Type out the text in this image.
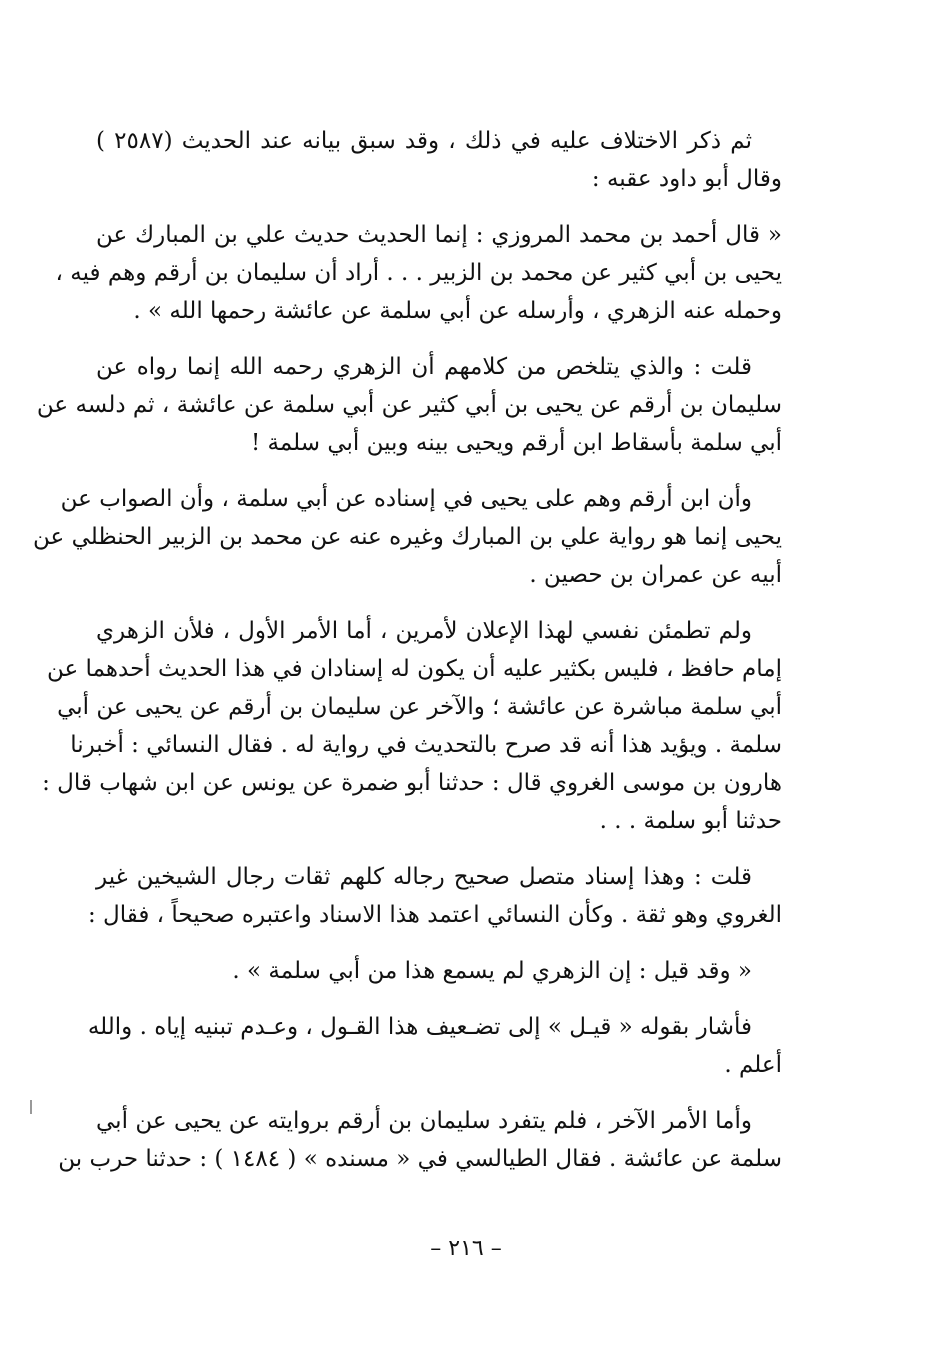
ثم ذكر الاختلاف عليه في ذلك ، وقد سبق بيانه عند الحديث (٢٥٨٧ )
وقال أبو داود عقبه :

« قال أحمد بن محمد المروزي : إنما الحديث حديث علي بن المبارك عن
يحيى بن أبي كثير عن محمد بن الزبير . . . أراد أن سليمان بن أرقم وهم فيه ،
وحمله عنه الزهري ، وأرسله عن أبي سلمة عن عائشة رحمها الله » .

قلت : والذي يتلخص من كلامهم أن الزهري رحمه الله إنما رواه عن
سليمان بن أرقم عن يحيى بن أبي كثير عن أبي سلمة عن عائشة ، ثم دلسه عن
أبي سلمة بأسقاط ابن أرقم ويحيى بينه وبين أبي سلمة !

وأن ابن أرقم وهم على يحيى في إسناده عن أبي سلمة ، وأن الصواب عن
يحيى إنما هو رواية علي بن المبارك وغيره عنه عن محمد بن الزبير الحنظلي عن
أبيه عن عمران بن حصين .

ولم تطمئن نفسي لهذا الإعلان لأمرين ، أما الأمر الأول ، فلأن الزهري
إمام حافظ ، فليس بكثير عليه أن يكون له إسنادان في هذا الحديث أحدهما عن
أبي سلمة مباشرة عن عائشة ؛ والآخر عن سليمان بن أرقم عن يحيى عن أبي
سلمة . ويؤيد هذا أنه قد صرح بالتحديث في رواية له . فقال النسائي : أخبرنا
هارون بن موسى الغروي قال : حدثنا أبو ضمرة عن يونس عن ابن شهاب قال :
حدثنا أبو سلمة . . .

قلت : وهذا إسناد متصل صحيح رجاله كلهم ثقات رجال الشيخين غير
الغروي وهو ثقة . وكأن النسائي اعتمد هذا الاسناد واعتبره صحيحاً ، فقال :

« وقد قيل : إن الزهري لم يسمع هذا من أبي سلمة » .

فأشار بقوله « قيـل » إلى تضـعيف هذا القـول ، وعـدم تبنيه إياه . والله
أعلم .

وأما الأمر الآخر ، فلم يتفرد سليمان بن أرقم بروايته عن يحيى عن أبي
سلمة عن عائشة . فقال الطيالسي في « مسنده » ( ١٤٨٤ ) : حدثنا حرب بن

– ٢١٦ –
